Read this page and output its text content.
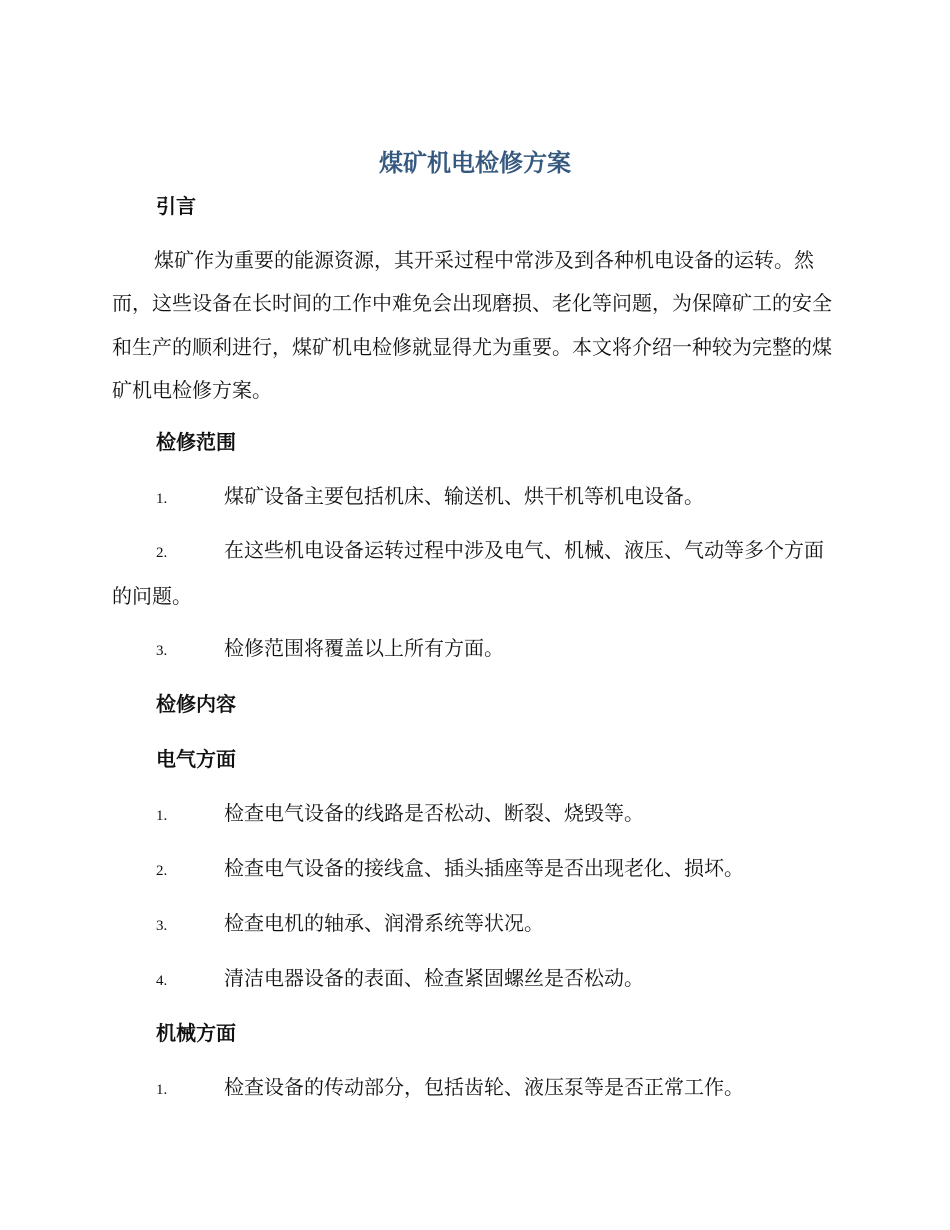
煤矿机电检修方案
引言
煤矿作为重要的能源资源，其开采过程中常涉及到各种机电设备的运转。然而，这些设备在长时间的工作中难免会出现磨损、老化等问题，为保障矿工的安全和生产的顺利进行，煤矿机电检修就显得尤为重要。本文将介绍一种较为完整的煤矿机电检修方案。
检修范围
1.	煤矿设备主要包括机床、输送机、烘干机等机电设备。
2.	在这些机电设备运转过程中涉及电气、机械、液压、气动等多个方面的问题。
3.	检修范围将覆盖以上所有方面。
检修内容
电气方面
1.	检查电气设备的线路是否松动、断裂、烧毁等。
2.	检查电气设备的接线盒、插头插座等是否出现老化、损坏。
3.	检查电机的轴承、润滑系统等状况。
4.	清洁电器设备的表面、检查紧固螺丝是否松动。
机械方面
1.	检查设备的传动部分，包括齿轮、液压泵等是否正常工作。
